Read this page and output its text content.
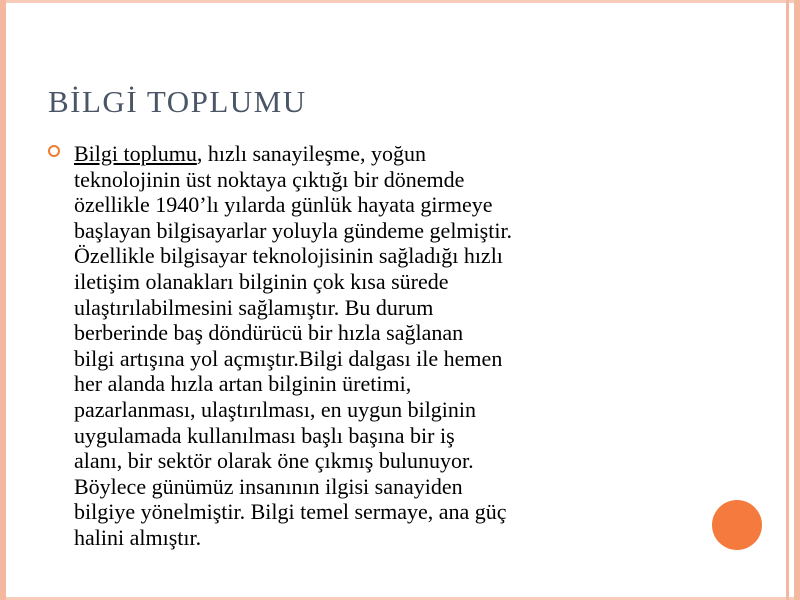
BİLGİ TOPLUMU

Bilgi toplumu, hızlı sanayileşme, yoğun

teknolojinin üst noktaya çıktığı bir dönemde

özellikle 1940’lı yılarda günlük hayata girmeye

başlayan bilgisayarlar yoluyla gündeme gelmiştir.

Özellikle bilgisayar teknolojisinin sağladığı hızlı

iletişim olanakları bilginin çok kısa sürede

ulaştırılabilmesini sağlamıştır. Bu durum

berberinde baş döndürücü bir hızla sağlanan

bilgi artışına yol açmıştır.Bilgi dalgası ile hemen

her alanda hızla artan bilginin üretimi,

pazarlanması, ulaştırılması, en uygun bilginin

uygulamada kullanılması başlı başına bir iş

alanı, bir sektör olarak öne çıkmış bulunuyor.

Böylece günümüz insanının ilgisi sanayiden

bilgiye yönelmiştir. Bilgi temel sermaye, ana güç

halini almıştır.
